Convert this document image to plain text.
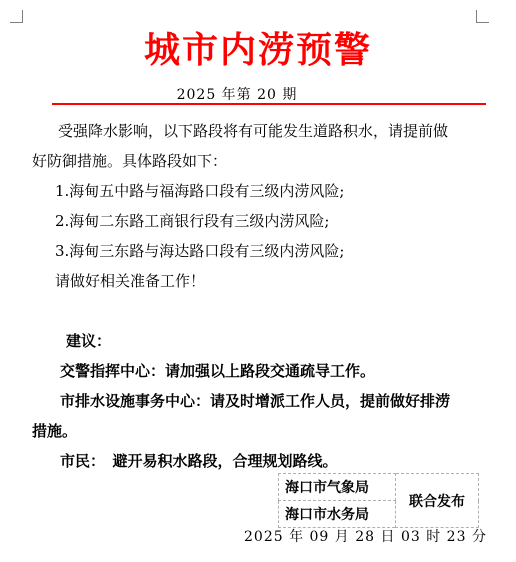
城市内涝预警
2025 年第 20 期

受强降水影响，以下路段将有可能发生道路积水，请提前做

好防御措施。具体路段如下：

1.海甸五中路与福海路口段有三级内涝风险;

2.海甸二东路工商银行段有三级内涝风险;

3.海甸三东路与海达路口段有三级内涝风险;

请做好相关准备工作！

建议：

交警指挥中心：请加强以上路段交通疏导工作。

市排水设施事务中心：请及时增派工作人员，提前做好排涝

措施。

市民：　避开易积水路段，合理规划路线。

海口市气象局	联合发布
海口市水务局
2025 年 09 月 28 日 03 时 23 分
